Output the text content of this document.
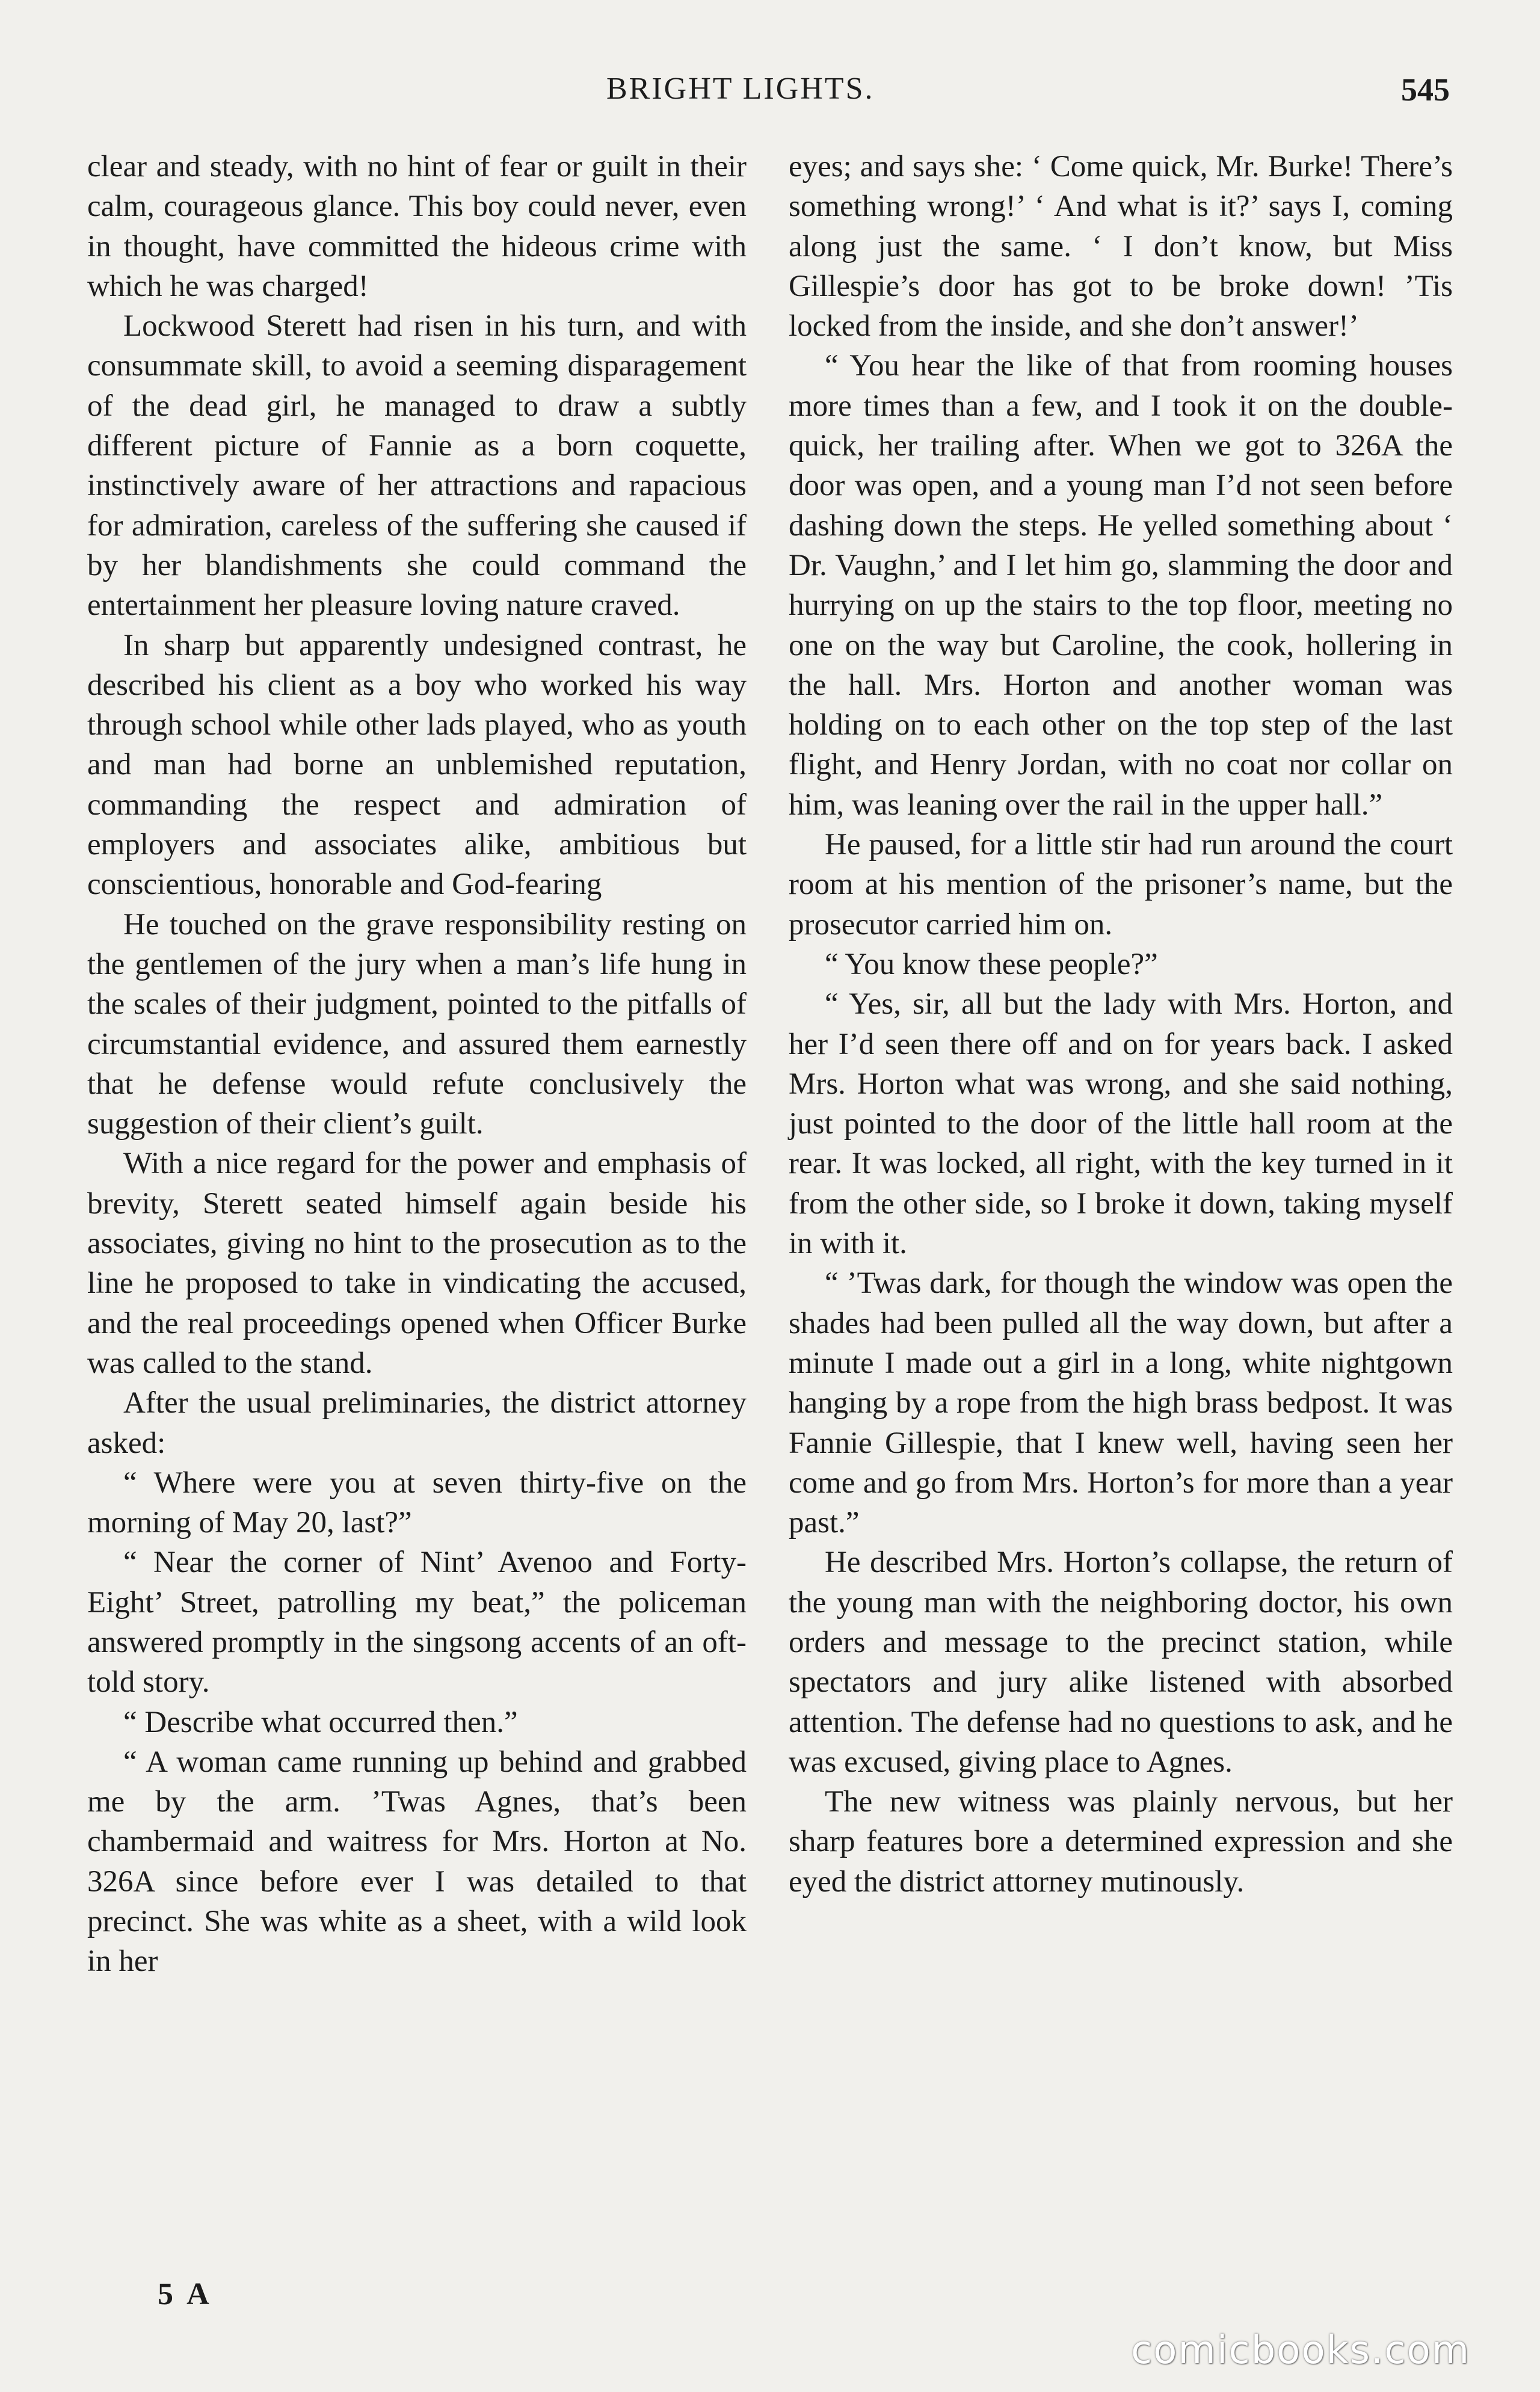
BRIGHT LIGHTS.	545

clear and steady, with no hint of fear or guilt in their calm, courageous glance. This boy could never, even in thought, have committed the hideous crime with which he was charged!

Lockwood Sterett had risen in his turn, and with consummate skill, to avoid a seeming disparagement of the dead girl, he managed to draw a subtly different picture of Fannie as a born coquette, instinctively aware of her attractions and rapacious for admiration, careless of the suffering she caused if by her blandishments she could command the entertainment her pleasure loving nature craved.

In sharp but apparently undesigned contrast, he described his client as a boy who worked his way through school while other lads played, who as youth and man had borne an unblemished reputation, commanding the respect and admiration of employers and associates alike, ambitious but conscientious, honorable and God-fearing

He touched on the grave responsibility resting on the gentlemen of the jury when a man’s life hung in the scales of their judgment, pointed to the pitfalls of circumstantial evidence, and assured them earnestly that he defense would refute conclusively the suggestion of their client’s guilt.

With a nice regard for the power and emphasis of brevity, Sterett seated himself again beside his associates, giving no hint to the prosecution as to the line he proposed to take in vindicating the accused, and the real proceedings opened when Officer Burke was called to the stand.

After the usual preliminaries, the district attorney asked:

“ Where were you at seven thirty-five on the morning of May 20, last?”

“ Near the corner of Nint’ Avenoo and Forty-Eight’ Street, patrolling my beat,” the policeman answered promptly in the singsong accents of an oft-told story.

“ Describe what occurred then.”

“ A woman came running up behind and grabbed me by the arm. ’Twas Agnes, that’s been chambermaid and waitress for Mrs. Horton at No. 326A since before ever I was detailed to that precinct. She was white as a sheet, with a wild look in her

eyes; and says she: ‘ Come quick, Mr. Burke! There’s something wrong!’ ‘ And what is it?’ says I, coming along just the same. ‘ I don’t know, but Miss Gillespie’s door has got to be broke down! ’Tis locked from the inside, and she don’t answer!’

“ You hear the like of that from rooming houses more times than a few, and I took it on the double-quick, her trailing after. When we got to 326A the door was open, and a young man I’d not seen before dashing down the steps. He yelled something about ‘ Dr. Vaughn,’ and I let him go, slamming the door and hurrying on up the stairs to the top floor, meeting no one on the way but Caroline, the cook, hollering in the hall. Mrs. Horton and another woman was holding on to each other on the top step of the last flight, and Henry Jordan, with no coat nor collar on him, was leaning over the rail in the upper hall.”

He paused, for a little stir had run around the court room at his mention of the prisoner’s name, but the prosecutor carried him on.

“ You know these people?”

“ Yes, sir, all but the lady with Mrs. Horton, and her I’d seen there off and on for years back. I asked Mrs. Horton what was wrong, and she said nothing, just pointed to the door of the little hall room at the rear. It was locked, all right, with the key turned in it from the other side, so I broke it down, taking myself in with it.

“ ’Twas dark, for though the window was open the shades had been pulled all the way down, but after a minute I made out a girl in a long, white nightgown hanging by a rope from the high brass bedpost. It was Fannie Gillespie, that I knew well, having seen her come and go from Mrs. Horton’s for more than a year past.”

He described Mrs. Horton’s collapse, the return of the young man with the neighboring doctor, his own orders and message to the precinct station, while spectators and jury alike listened with absorbed attention. The defense had no questions to ask, and he was excused, giving place to Agnes.

The new witness was plainly nervous, but her sharp features bore a determined expression and she eyed the district attorney mutinously.

5 A
comicbooks.com
